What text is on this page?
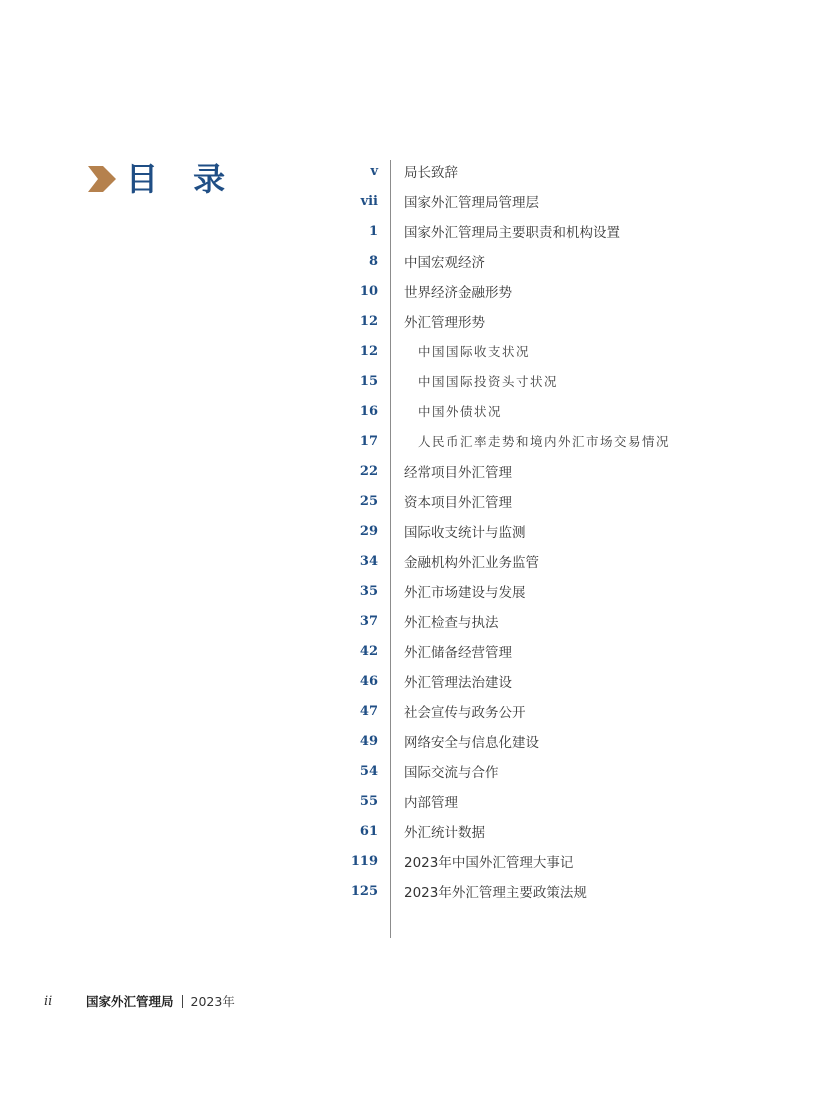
目 录	v 局长致辞
vii 国家外汇管理局管理层
1 国家外汇管理局主要职责和机构设置
8 中国宏观经济
10 世界经济金融形势
12 外汇管理形势
12	中国国际收支状况
15	中国国际投资头寸状况
16	中国外债状况
17	人民币汇率走势和境内外汇市场交易情况
22 经常项目外汇管理
25 资本项目外汇管理
29 国际收支统计与监测
34 金融机构外汇业务监管
35 外汇市场建设与发展
37 外汇检查与执法
42 外汇储备经营管理
46 外汇管理法治建设
47 社会宣传与政务公开
49 网络安全与信息化建设
54 国际交流与合作
55 内部管理
61 外汇统计数据
119 2023年中国外汇管理大事记
125 2023年外汇管理主要政策法规
ii	国家外汇管理局 2023年
